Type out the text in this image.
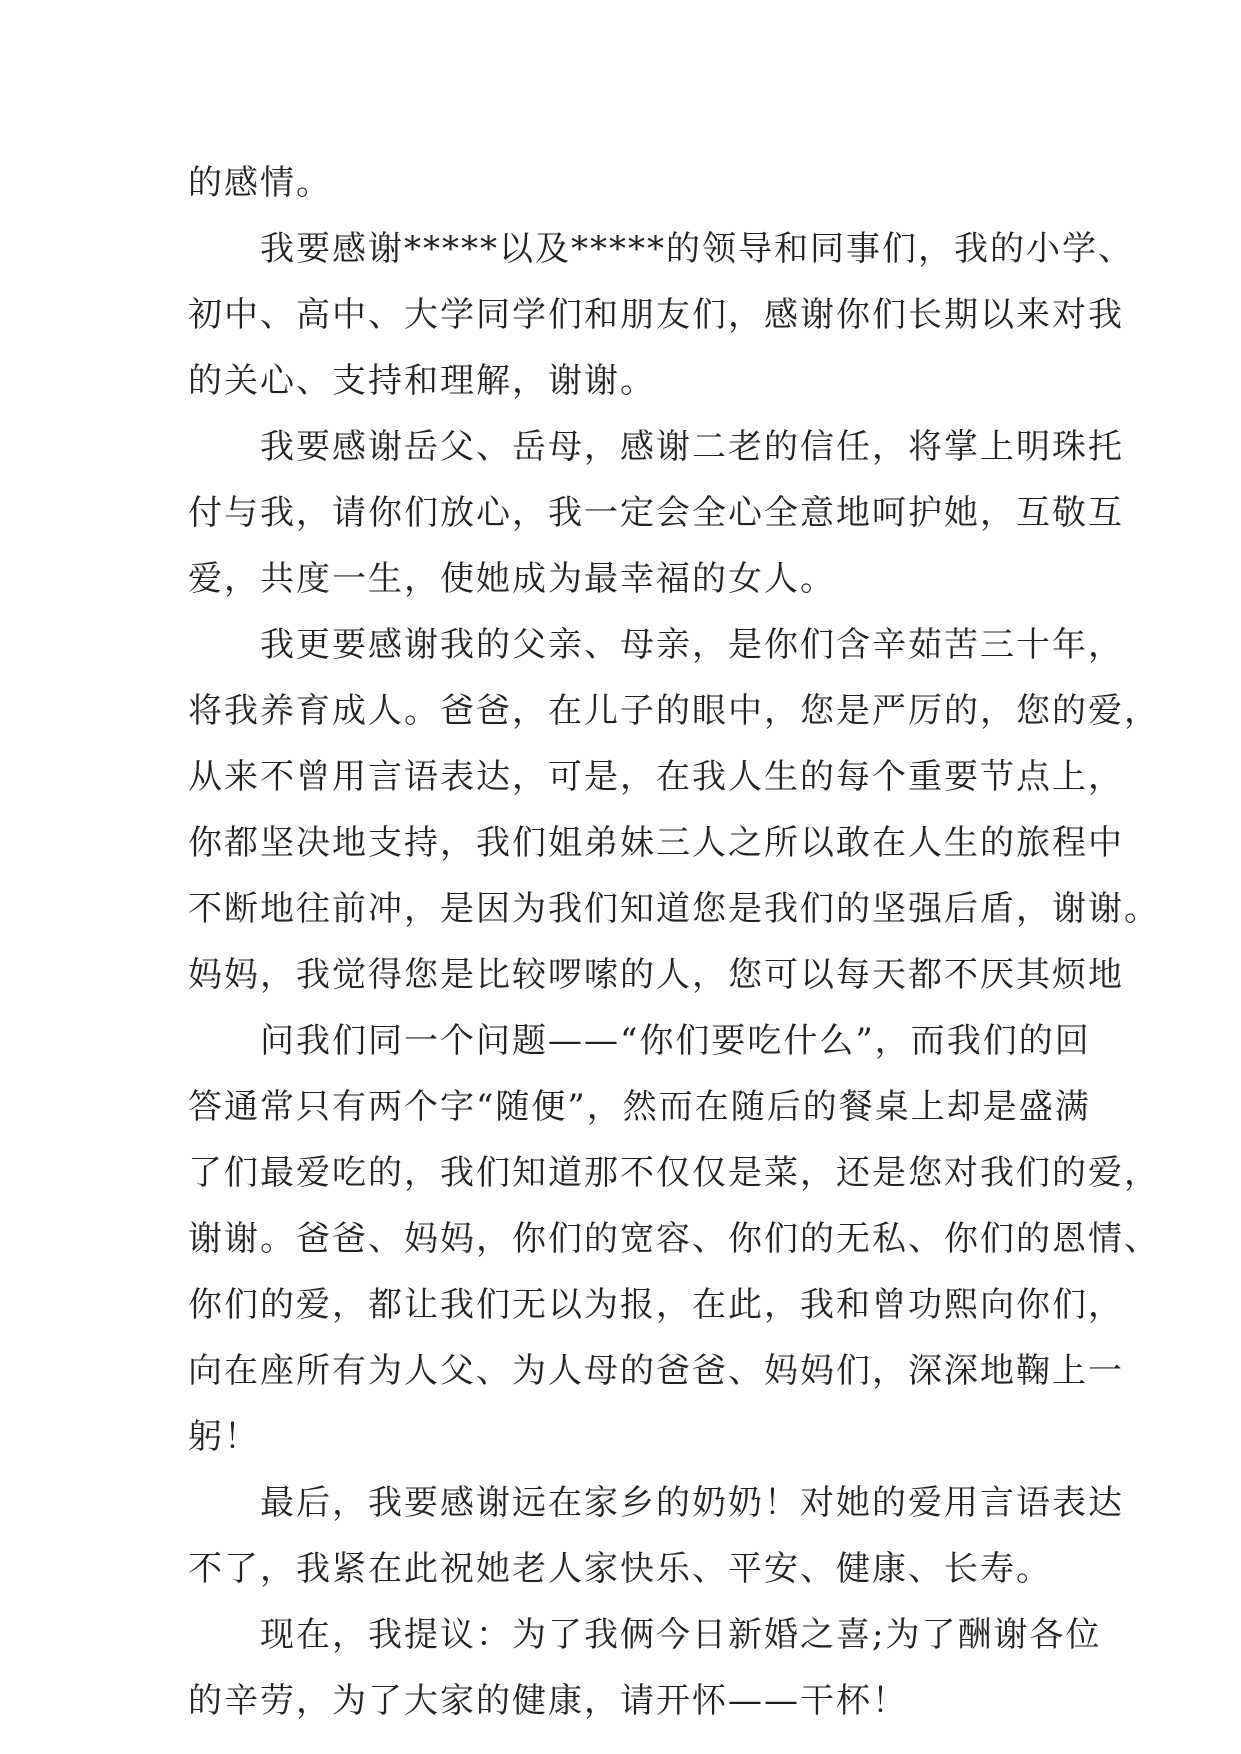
的感情。
我要感谢*****以及*****的领导和同事们，我的小学、
初中、高中、大学同学们和朋友们，感谢你们长期以来对我
的关心、支持和理解，谢谢。
我要感谢岳父、岳母，感谢二老的信任，将掌上明珠托
付与我，请你们放心，我一定会全心全意地呵护她，互敬互
爱，共度一生，使她成为最幸福的女人。
我更要感谢我的父亲、母亲，是你们含辛茹苦三十年，
将我养育成人。爸爸，在儿子的眼中，您是严厉的，您的爱，
从来不曾用言语表达，可是，在我人生的每个重要节点上，
你都坚决地支持，我们姐弟妹三人之所以敢在人生的旅程中
不断地往前冲，是因为我们知道您是我们的坚强后盾，谢谢。
妈妈，我觉得您是比较啰嗦的人，您可以每天都不厌其烦地
问我们同一个问题——“你们要吃什么”，而我们的回
答通常只有两个字“随便”，然而在随后的餐桌上却是盛满
了们最爱吃的，我们知道那不仅仅是菜，还是您对我们的爱，
谢谢。爸爸、妈妈，你们的宽容、你们的无私、你们的恩情、
你们的爱，都让我们无以为报，在此，我和曾功熙向你们，
向在座所有为人父、为人母的爸爸、妈妈们，深深地鞠上一
躬！
最后，我要感谢远在家乡的奶奶！对她的爱用言语表达
不了，我紧在此祝她老人家快乐、平安、健康、长寿。
现在，我提议：为了我俩今日新婚之喜;为了酬谢各位
的辛劳，为了大家的健康，请开怀——干杯！
